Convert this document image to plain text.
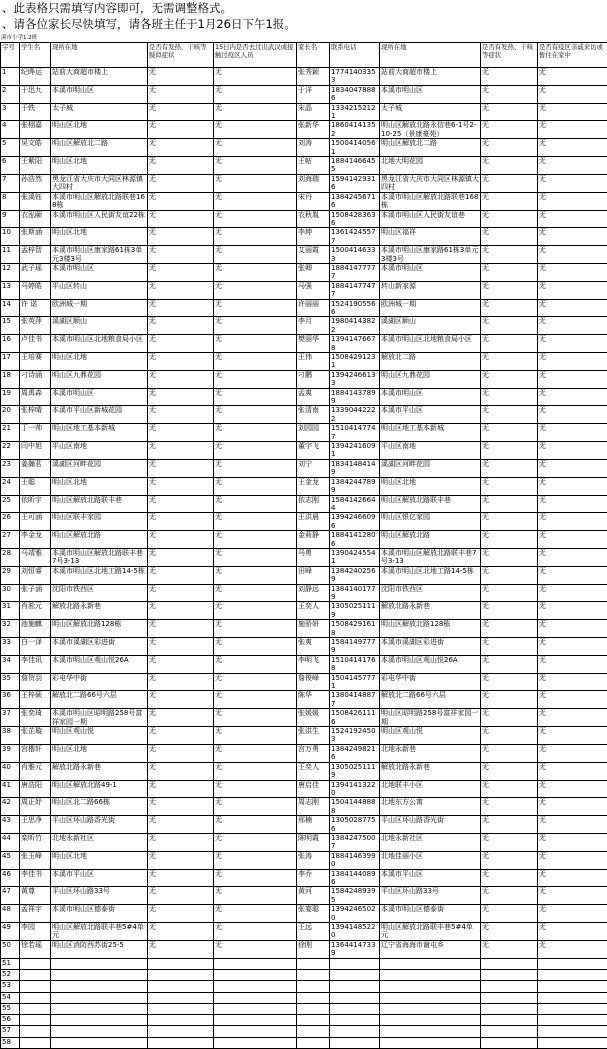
、此表格只需填写内容即可，无需调整格式。
、请各位家长尽快填写，请各班主任于1月26日下午1报。
溪市小学1.2班
字号	学生名	现所在地	是否有发热、干咳等疑似症状	15日内是否去过出武汉或接触过疫区人员	家长名	联系电话	现所在地	是否有发热、干咳等症状	是否有疫区亲戚来访或暂住在家中
1	纪晔运	站前大商超市楼上	无	无	张秀颖	17741403353	站前大商超市楼上	无	无
2	于迅九	本溪市明山区	无	无	于洋	18340478886	本溪市明山区	无	无
3	于铁	太子城	无	无	宋晶	13342152121	太子城	无	无
4	张栩嘉	明山区北地	无	无	张新华	18604141352	明山区解放北路永信巷6-1号2-10-25（景康豪苑）	无	无
5	吴文皓	明山区解放北二路	无	无	刘涛	15004140561	明山区解放北二路	无	无
6	王紫阳	明山区北地	无	无	王帖	18841466455	北地大明花园	无	无
7	孙浩然	黑龙江省大庆市大同区林源镇大四村	无	无	刘海瑞	15941429316	黑龙江省大庆市大同区林源镇大四村	无	无
8	张溪钰	本溪市明山区解放北路联巷168栋	无	无	宋丹	13842456716	本溪市明山区解放北路联巷168栋	无	无
9	衣泓颐	本溪市明山区人民街友谊22栋	无	无	衣秋胤	15084283636	本溪市明山区人民街友谊巷	无	无
10	张斯涵	明山区北地	无	无	李坤	13614245577	明山区福祥	无	无
11	孟梓智	本溪市明山区康家路61栋3单元3楼3号	无	无	艾丽霞	15004146333	本溪市明山区康家路61栋3单元3楼3号	无	无
12	武子瑶	本溪市明山区	无	无	张卿	18841477777	本溪市明山区	无	无
13	马婷皓	平山区转山	无	无	马强	18841477477	转山新家源	无	无
14	许 诺	欧洲城一期	无	无	许丽丽	15241905566	欧洲城一期	无	无
15	张英萍	溪湖区顺山	无	无	李月	19804143822	溪湖区顺山	无	无
16	卢佳书	本溪市明山区北地粮食局小区	无	无	樊丽华	13941476678	本溪市明山区北地粮食局小区	无	无
17	王培赛	明山区北地	无	无	王伟	15084291231	解放北二路	无	无
18	刁诗涵	明山区九鼎花园	无	无	刁鹏	13942466133	明山区九鼎花园	无	无
19	周禹森	本溪市明山区	无	无	孟爽	18841437899	本溪市明山区	无	无
20	张梓晴	本溪市平山区新城花园	无	无	张清南	13390442222	本溪市平山区	无	无
21	丁一帅	明山区地工基本新城	无	无	刘园园	15104147747	明山区地工基本新城	无	无
22	闫中旭	平山区南地	无	无	董宇飞	13942416091	平山区南地	无	无
23	姜瀚茗	溪湖区河畔花园	无	无	刘宁	18341484149	溪湖区河畔花园	无	无
24	王聪	明山区北地	无	无	王金龙	13842447899	明山区北地	无	无
25	依昕宇	明山区解放北路联丰巷	无	无	依志刚	15841426644	明山区解放北路联丰巷	无	无
26	王可涵	明山区联丰家园	无	无	王洪晨	13942466096	明山区银亿家园	无	无
27	李金龙	明山区解放北路	无	无	金莉静	18841412806	明山区解放北路	无	无
28	马靖雅	本溪市明山区解放北路联丰巷7号3-13	无	无	马勇	13904245541	本溪市明山区解放北路联丰巷7号3-13	无	无
29	刘恒睿	本溪市明山区北地工路14-5栋	无	无	田峰	13842402569	本溪市明山区北地工路14-5栋	无	无
30	张子涵	沈阳市铁西区	无	无	刘静远	13841401779	沈阳市铁西区	无	无
31	肖淞元	解放北路永新巷	无	无	王奕人	13050251119	解放北路永新巷	无	无
32	池施麒	明山区解放北路128栋	无	无	施骄妍	15084291618	明山区解放北路128栋	无	无
33	白一泽	本溪市溪湖区彩进街	无	无	张爽	15841497779	本溪市溪湖区彩进街	无	无
34	李佳讯	本溪市明山区观山悦26A	无	无	李明飞	15104141768	本溪市明山区观山悦26A	无	无
35	詹贺羽	彩电华中街	无	无	詹俊峰	15041457771	彩电华中街	无	无
36	王梓硕	解放北二路66号六层	无	无	陈华	13804148877	解放北二路66号六层	无	无
37	张奕琦	本溪市明山区昭明路258号富祥家园一期	无	无	张媛媛	15084261116	明山区昭明路258号富祥家园一期	无	无
38	张芷璇	明山区观山悦	无	无	张洪生	15241924503	明山区观山悦	无	无
39	宫楷轩	明山区北地	无	无	宫万勇	13842498216	北地永新巷	无	无
40	肖雅元	解放北路永新巷	无	无	王奕人	13050251119	解放北路永新巷	无	无
41	唐浩阳	明山区解放北路49-1	无	无	唐启佳	13941413220	北地联丰小区	无	无
42	周正妤	明山区北二路66栋	无	无	周志刚	15041448888	北地东方公寓	无	无
43	王思净	平山区环山路香光街	无	无	邢楠	13050287756	平山区环山路香光街	无	无
44	栾昕竹	北地永新社区	无	无	陈明霞	13842475007	北地永新社区	无	无
45	张玉峰	明山区北地	无	无	张涛	18841463990	北地佳丽小区	无	无
46	李佳书	本溪市平山区	无	无	李乔	13841440896	本溪市平山区	无	无
47	黄尊	平山区环山路33号	无	无	黄河	15842489395	平山区环山路33号	无	无
48	孟祥宇	本溪市明山区德泰街	无	无	张宴聪	13942465020	本溪市明山区德泰街	无	无
49	李园	明山区解放北路联丰巷5#4单元	无	无	王远	13941485220	明山区解放北路联丰巷5#4单元	无	无
50	徐若瑶	明山区消防西苏街25-5	无	无	徐刚	13644147339	辽宁省海海市谢屯乡	无	无
51									
52									
53									
54									
55									
56									
57									
58									
